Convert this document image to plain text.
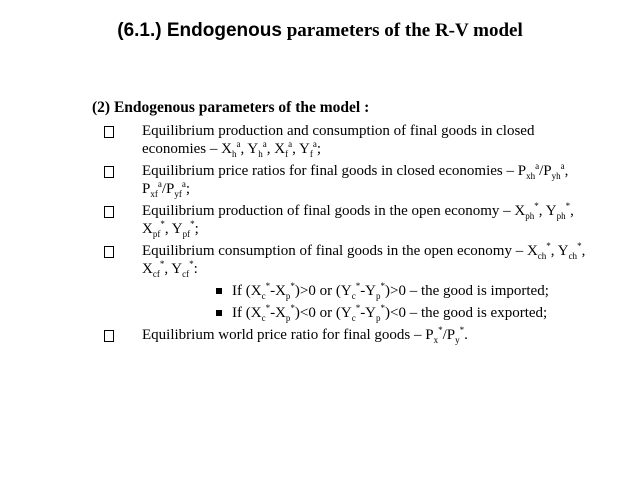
(6.1.) Endogenous parameters of the R-V model
(2) Endogenous parameters of the model :
Equilibrium production and consumption of final goods in closed
economies – $X_h^a$, $Y_h^a$, $X_f^a$, $Y_f^a$;
Equilibrium price ratios for final goods in closed economies – $P_{xh}^a/P_{yh}^a$,
$P_{xf}^a/P_{yf}^a$;
Equilibrium production of final goods in the open economy – $X_{ph}^*$, $Y_{ph}^*$,
$X_{pf}^*$, $Y_{pf}^*$;
Equilibrium consumption of final goods in the open economy – $X_{ch}^*$, $Y_{ch}^*$,
$X_{cf}^*$, $Y_{cf}^*$:
If $(X_c^*-X_p^*)>0$ or $(Y_c^*-Y_p^*)>0$ – the good is imported;
If $(X_c^*-X_p^*)<0$ or $(Y_c^*-Y_p^*)<0$ – the good is exported;
Equilibrium world price ratio for final goods – $P_x^*/P_y^*$.
